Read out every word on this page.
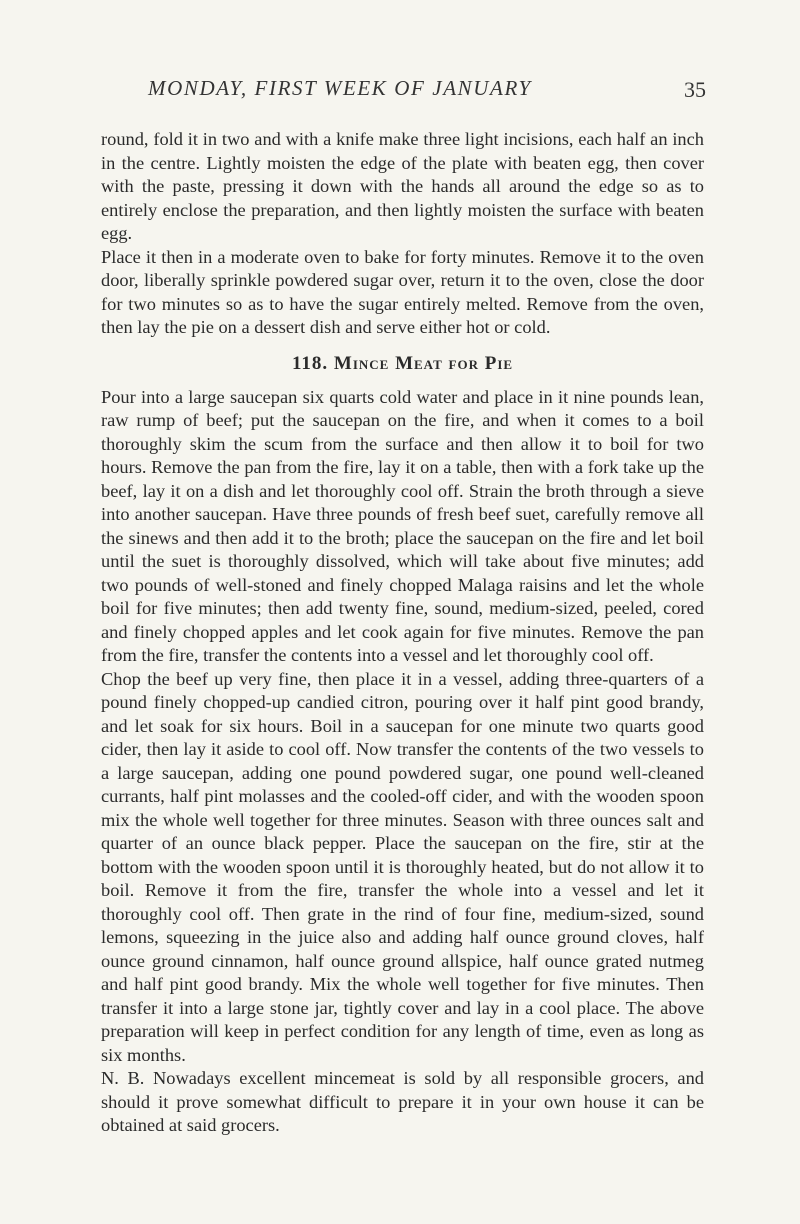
MONDAY, FIRST WEEK OF JANUARY	35

round, fold it in two and with a knife make three light incisions, each half an inch in the centre. Lightly moisten the edge of the plate with beaten egg, then cover with the paste, pressing it down with the hands all around the edge so as to entirely enclose the preparation, and then lightly moisten the surface with beaten egg.

Place it then in a moderate oven to bake for forty minutes. Remove it to the oven door, liberally sprinkle powdered sugar over, return it to the oven, close the door for two minutes so as to have the sugar entirely melted. Remove from the oven, then lay the pie on a dessert dish and serve either hot or cold.

118. Mince Meat for Pie

Pour into a large saucepan six quarts cold water and place in it nine pounds lean, raw rump of beef; put the saucepan on the fire, and when it comes to a boil thoroughly skim the scum from the surface and then allow it to boil for two hours. Remove the pan from the fire, lay it on a table, then with a fork take up the beef, lay it on a dish and let thoroughly cool off. Strain the broth through a sieve into another saucepan. Have three pounds of fresh beef suet, carefully remove all the sinews and then add it to the broth; place the saucepan on the fire and let boil until the suet is thoroughly dissolved, which will take about five minutes; add two pounds of well-stoned and finely chopped Malaga raisins and let the whole boil for five minutes; then add twenty fine, sound, medium-sized, peeled, cored and finely chopped apples and let cook again for five minutes. Remove the pan from the fire, transfer the contents into a vessel and let thoroughly cool off.

Chop the beef up very fine, then place it in a vessel, adding three-quarters of a pound finely chopped-up candied citron, pouring over it half pint good brandy, and let soak for six hours. Boil in a saucepan for one minute two quarts good cider, then lay it aside to cool off. Now transfer the contents of the two vessels to a large saucepan, adding one pound powdered sugar, one pound well-cleaned currants, half pint molasses and the cooled-off cider, and with the wooden spoon mix the whole well together for three minutes. Season with three ounces salt and quarter of an ounce black pepper. Place the saucepan on the fire, stir at the bottom with the wooden spoon until it is thoroughly heated, but do not allow it to boil. Remove it from the fire, transfer the whole into a vessel and let it thoroughly cool off. Then grate in the rind of four fine, medium-sized, sound lemons, squeezing in the juice also and adding half ounce ground cloves, half ounce ground cinnamon, half ounce ground allspice, half ounce grated nutmeg and half pint good brandy. Mix the whole well together for five minutes. Then transfer it into a large stone jar, tightly cover and lay in a cool place. The above preparation will keep in perfect condition for any length of time, even as long as six months.

N. B. Nowadays excellent mincemeat is sold by all responsible grocers, and should it prove somewhat difficult to prepare it in your own house it can be obtained at said grocers.
